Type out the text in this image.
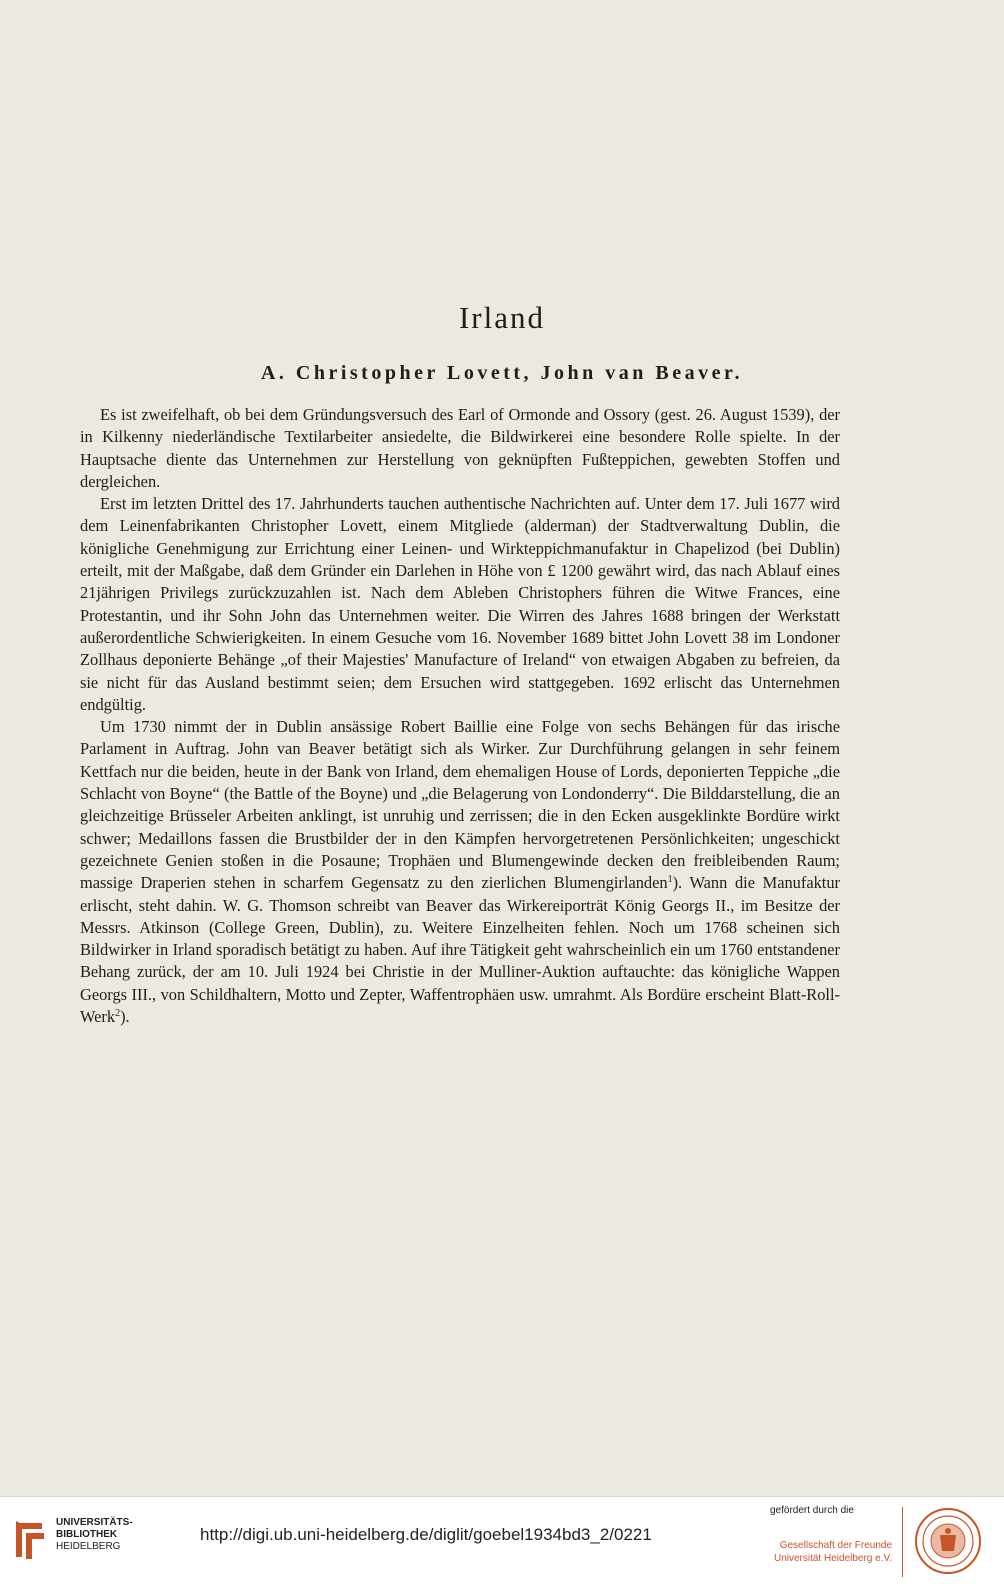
Irland
A. Christopher Lovett, John van Beaver.

Es ist zweifelhaft, ob bei dem Gründungsversuch des Earl of Ormonde and Ossory (gest. 26. August 1539), der in Kilkenny niederländische Textilarbeiter ansiedelte, die Bildwirkerei eine besondere Rolle spielte. In der Hauptsache diente das Unternehmen zur Herstellung von geknüpften Fußteppichen, gewebten Stoffen und dergleichen.

Erst im letzten Drittel des 17. Jahrhunderts tauchen authentische Nachrichten auf. Unter dem 17. Juli 1677 wird dem Leinenfabrikanten Christopher Lovett, einem Mitgliede (alderman) der Stadtverwaltung Dublin, die königliche Genehmigung zur Errichtung einer Leinen- und Wirkteppichmanufaktur in Chapelizod (bei Dublin) erteilt, mit der Maßgabe, daß dem Gründer ein Darlehen in Höhe von £ 1200 gewährt wird, das nach Ablauf eines 21jährigen Privilegs zurückzuzahlen ist. Nach dem Ableben Christophers führen die Witwe Frances, eine Protestantin, und ihr Sohn John das Unternehmen weiter. Die Wirren des Jahres 1688 bringen der Werkstatt außerordentliche Schwierigkeiten. In einem Gesuche vom 16. November 1689 bittet John Lovett 38 im Londoner Zollhaus deponierte Behänge „of their Majesties' Manufacture of Ireland“ von etwaigen Abgaben zu befreien, da sie nicht für das Ausland bestimmt seien; dem Ersuchen wird stattgegeben. 1692 erlischt das Unternehmen endgültig.

Um 1730 nimmt der in Dublin ansässige Robert Baillie eine Folge von sechs Behängen für das irische Parlament in Auftrag. John van Beaver betätigt sich als Wirker. Zur Durchführung gelangen in sehr feinem Kettfach nur die beiden, heute in der Bank von Irland, dem ehemaligen House of Lords, deponierten Teppiche „die Schlacht von Boyne“ (the Battle of the Boyne) und „die Belagerung von Londonderry“. Die Bilddarstellung, die an gleichzeitige Brüsseler Arbeiten anklingt, ist unruhig und zerrissen; die in den Ecken ausgeklinkte Bordüre wirkt schwer; Medaillons fassen die Brustbilder der in den Kämpfen hervorgetretenen Persönlichkeiten; ungeschickt gezeichnete Genien stoßen in die Posaune; Trophäen und Blumengewinde decken den freibleibenden Raum; massige Draperien stehen in scharfem Gegensatz zu den zierlichen Blumengirlanden$^1$). Wann die Manufaktur erlischt, steht dahin. W. G. Thomson schreibt van Beaver das Wirkereiporträt König Georgs II., im Besitze der Messrs. Atkinson (College Green, Dublin), zu. Weitere Einzelheiten fehlen. Noch um 1768 scheinen sich Bildwirker in Irland sporadisch betätigt zu haben. Auf ihre Tätigkeit geht wahrscheinlich ein um 1760 entstandener Behang zurück, der am 10. Juli 1924 bei Christie in der Mulliner-Auktion auftauchte: das königliche Wappen Georgs III., von Schildhaltern, Motto und Zepter, Waffentrophäen usw. umrahmt. Als Bordüre erscheint Blatt-Roll-Werk$^2$).

UNIVERSITÄTS-
BIBLIOTHEK
HEIDELBERG
http://digi.ub.uni-heidelberg.de/diglit/goebel1934bd3_2/0221
gefördert durch die
Gesellschaft der Freunde
Universität Heidelberg e.V.
